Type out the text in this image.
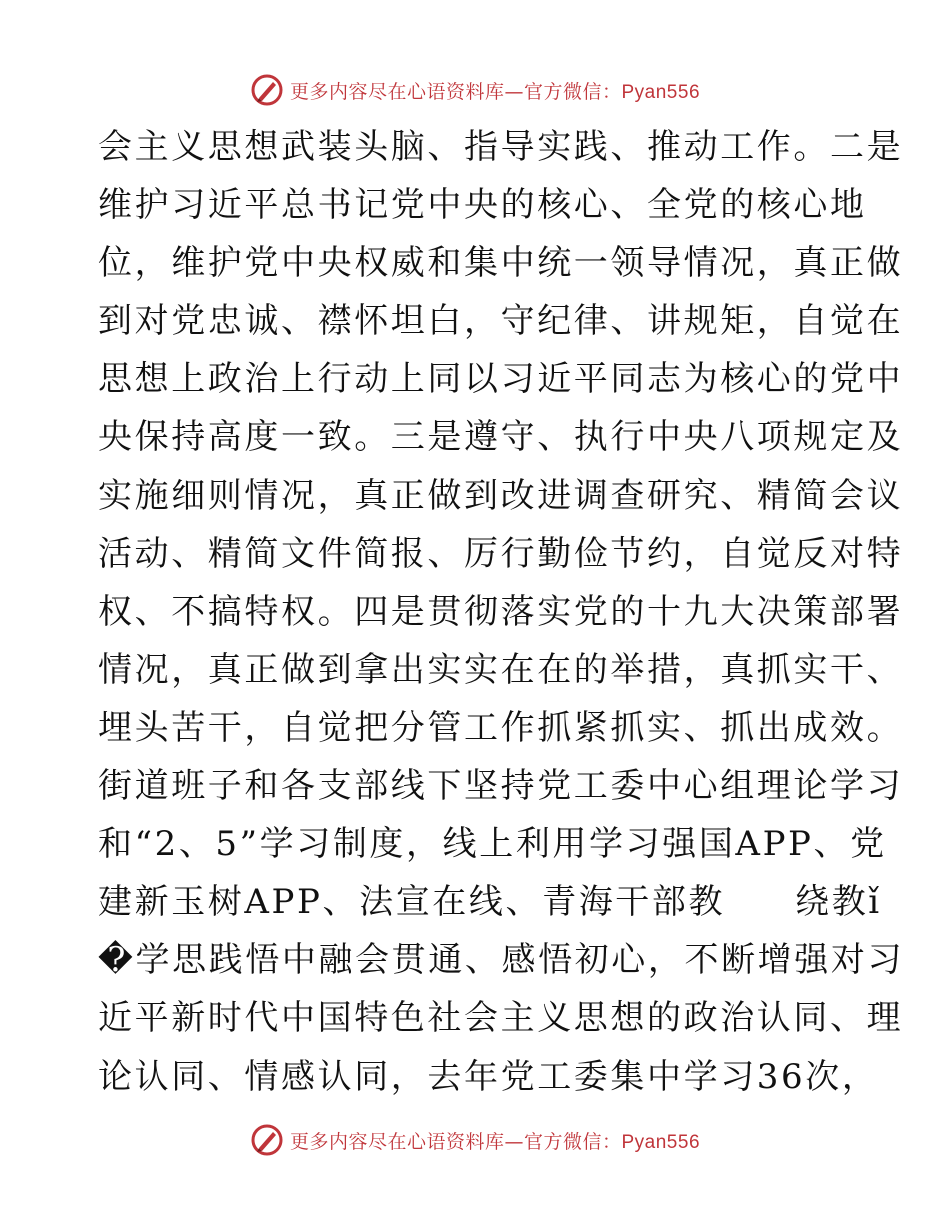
更多内容尽在心语资料库—官方微信：Pyan556
会主义思想武装头脑、指导实践、推动工作。二是
维护习近平总书记党中央的核心、全党的核心地
位，维护党中央权威和集中统一领导情况，真正做
到对党忠诚、襟怀坦白，守纪律、讲规矩，自觉在
思想上政治上行动上同以习近平同志为核心的党中
央保持高度一致。三是遵守、执行中央八项规定及
实施细则情况，真正做到改进调查研究、精简会议
活动、精简文件简报、厉行勤俭节约，自觉反对特
权、不搞特权。四是贯彻落实党的十九大决策部署
情况，真正做到拿出实实在在的举措，真抓实干、
埋头苦干，自觉把分管工作抓紧抓实、抓出成效。
街道班子和各支部线下坚持党工委中心组理论学习
和“2、5”学习制度，线上利用学习强国APP、党
建新玉树APP、法宣在线、青海干部教 绕教ǐ
�学思践悟中融会贯通、感悟初心，不断增强对习
近平新时代中国特色社会主义思想的政治认同、理
论认同、情感认同，去年党工委集中学习36次，
更多内容尽在心语资料库—官方微信：Pyan556
